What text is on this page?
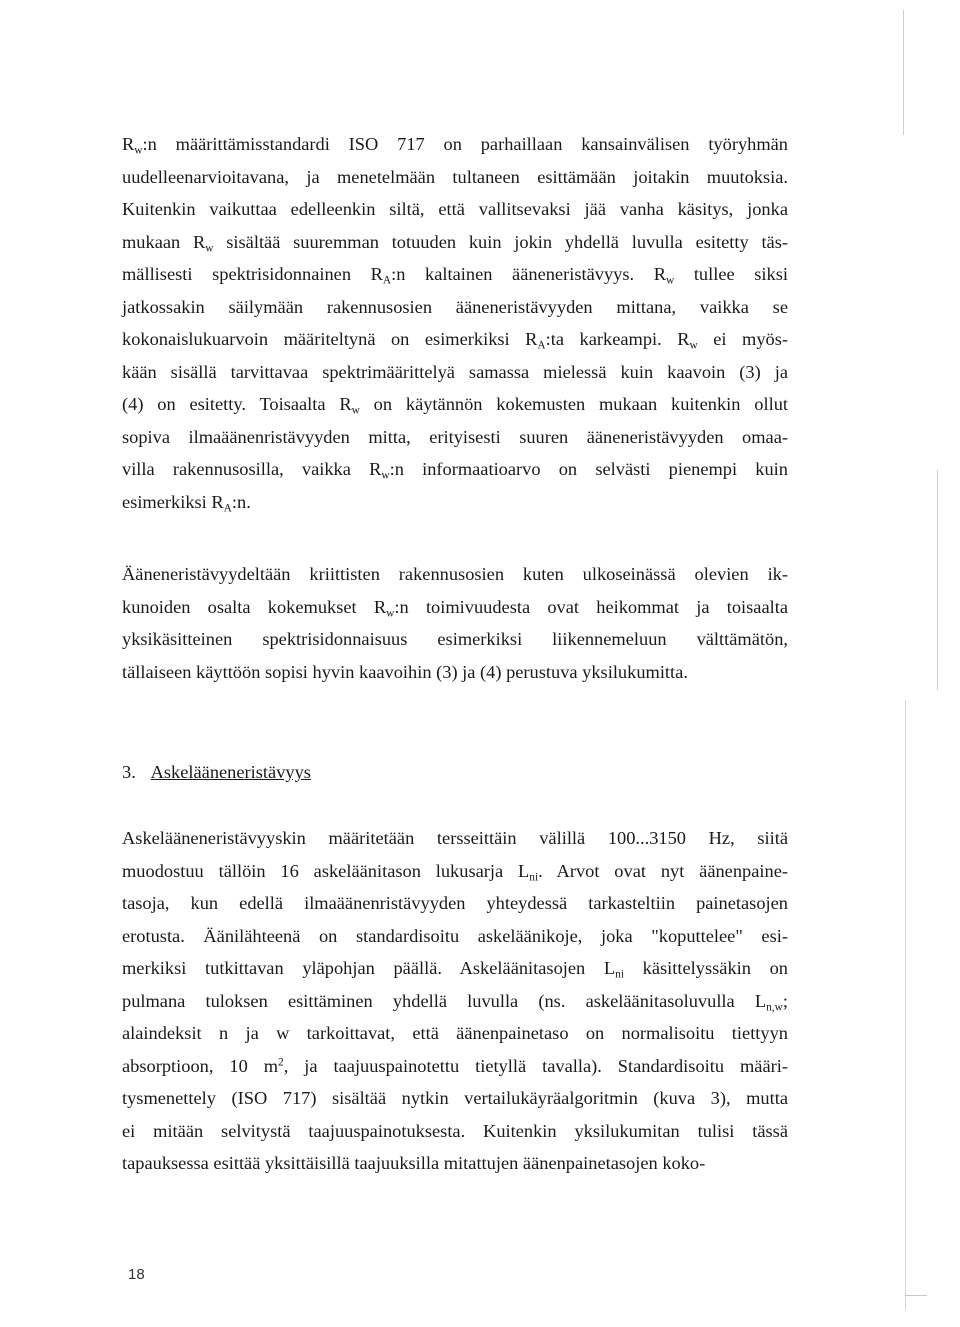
$R_w:n$ määrittämisstandardi ISO 717 on parhaillaan kansainvälisen työryhmän
uudelleenarvioitavana, ja menetelmään tultaneen esittämään joitakin muutoksia.
Kuitenkin vaikuttaa edelleenkin siltä, että vallitsevaksi jää vanha käsitys, jonka
mukaan $R_w$ sisältää suuremman totuuden kuin jokin yhdellä luvulla esitetty täs-
mällisesti spektrisidonnainen $R_A:n$ kaltainen ääneneristävyys. $R_w$ tullee siksi
jatkossakin säilymään rakennusosien ääneneristävyyden mittana, vaikka se
kokonaislukuarvoin määriteltynä on esimerkiksi $R_A:ta$ karkeampi. $R_w$ ei myös-
kään sisällä tarvittavaa spektrimäärittelyä samassa mielessä kuin kaavoin (3) ja
(4) on esitetty. Toisaalta $R_w$ on käytännön kokemusten mukaan kuitenkin ollut
sopiva ilmaäänenristävyyden mitta, erityisesti suuren ääneneristävyyden omaa-
villa rakennusosilla, vaikka $R_w:n$ informaatioarvo on selvästi pienempi kuin
esimerkiksi $R_A:n$.
Ääneneristävyydeltään kriittisten rakennusosien kuten ulkoseinässä olevien ik-
kunoiden osalta kokemukset $R_w:n$ toimivuudesta ovat heikommat ja toisaalta
yksikäsitteinen spektrisidonnaisuus esimerkiksi liikennemeluun välttämätön,
tällaiseen käyttöön sopisi hyvin kaavoihin (3) ja (4) perustuva yksilukumitta.
3. Askelääneneristävyys
Askelääneneristävyyskin määritetään tersseittäin välillä 100...3150 Hz, siitä
muodostuu tällöin 16 askeläänitason lukusarja $L_{ni}$. Arvot ovat nyt äänenpaine-
tasoja, kun edellä ilmaäänenristävyyden yhteydessä tarkasteltiin painetasojen
erotusta. Äänilähteenä on standardisoitu askeläänikoje, joka "koputtelee" esi-
merkiksi tutkittavan yläpohjan päällä. Askeläänitasojen $L_{ni}$ käsittelyssäkin on
pulmana tuloksen esittäminen yhdellä luvulla (ns. askeläänitasoluvulla $L_{n,w}$;
alaindeksit n ja w tarkoittavat, että äänenpainetaso on normalisoitu tiettyyn
absorptioon, 10 $m^2$, ja taajuuspainotettu tietyllä tavalla). Standardisoitu määri-
tysmenettely (ISO 717) sisältää nytkin vertailukäyräalgoritmin (kuva 3), mutta
ei mitään selvitystä taajuuspainotuksesta. Kuitenkin yksilukumitan tulisi tässä
tapauksessa esittää yksittäisillä taajuuksilla mitattujen äänenpainetasojen koko-
18
